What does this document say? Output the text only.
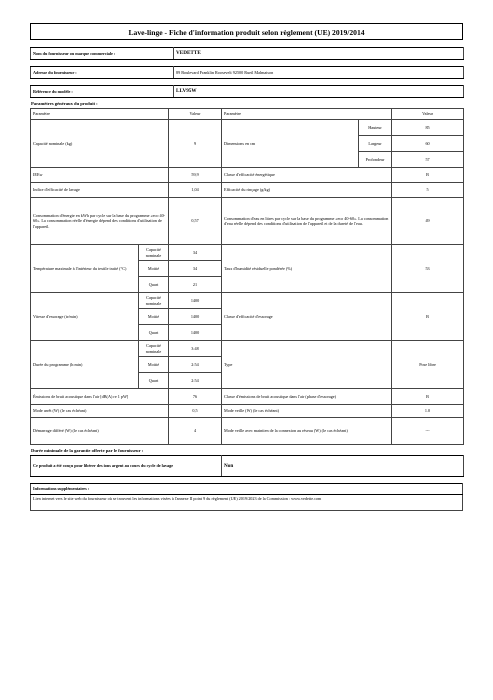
Lave-linge - Fiche d'information produit selon règlement (UE) 2019/2014
Nom du fournisseur ou marque commerciale :	VEDETTE
Adresse du fournisseur :	89 Boulevard Franklin Roosevelt 92500 Rueil Malmaison
Référence du modèle :	LLV95W
Paramètres généraux du produit :
Paramètre		Valeur	Paramètre		Valeur
Capacité nominale (kg)		9	Dimensions en cm	Hauteur	85
				Largeur	60
				Profondeur	57
IEEw		59,9	Classe d'efficacité énergétique		B
Indice d'efficacité de lavage		1,04	Efficacité du rinçage (g/kg)		5
Consommation d'énergie en kWh par cycle sur la base du programme «eco 40-60». La consommation réelle d'énergie dépend des conditions d'utilisation de l'appareil.		0,57	Consommation d'eau en litres par cycle sur la base du programme «eco 40-60». La consommation d'eau réelle dépend des conditions d'utilisation de l'appareil et de la dureté de l'eau.		49
Température maximale à l'intérieur du textile traité (°C)	Capacité nominale	34	Taux d'humidité résiduelle pondérée (%)		53
	Moitié	34			
	Quart	21			
Vitesse d'essorage (tr/min)	Capacité nominale	1400	Classe d'efficacité d'essorage		B
	Moitié	1400			
	Quart	1400			
Durée du programme (h:min)	Capacité nominale	3:48	Type		Pose libre
	Moitié	2:54			
	Quart	2:54			
Émissions de bruit acoustique dans l'air [dB(A) re 1 pW]		76	Classe d'émissions de bruit acoustique dans l'air (phase d'essorage)		B
Mode arrêt (W) (le cas échéant)		0,5	Mode veille (W) (le cas échéant)		1.0
Démarrage différé (W) (le cas échéant)		4	Mode veille avec maintien de la connexion au réseau (W) (le cas échéant)		---
Durée minimale de la garantie offerte par le fournisseur :
Ce produit a été conçu pour libérer des ions argent au cours du cycle de lavage	Non
Informations supplémentaires :
Lien internet vers le site web du fournisseur où se trouvent les informations visées à l'annexe II point 9 du règlement (UE) 2019/2023 de la Commission : www.vedette.com
